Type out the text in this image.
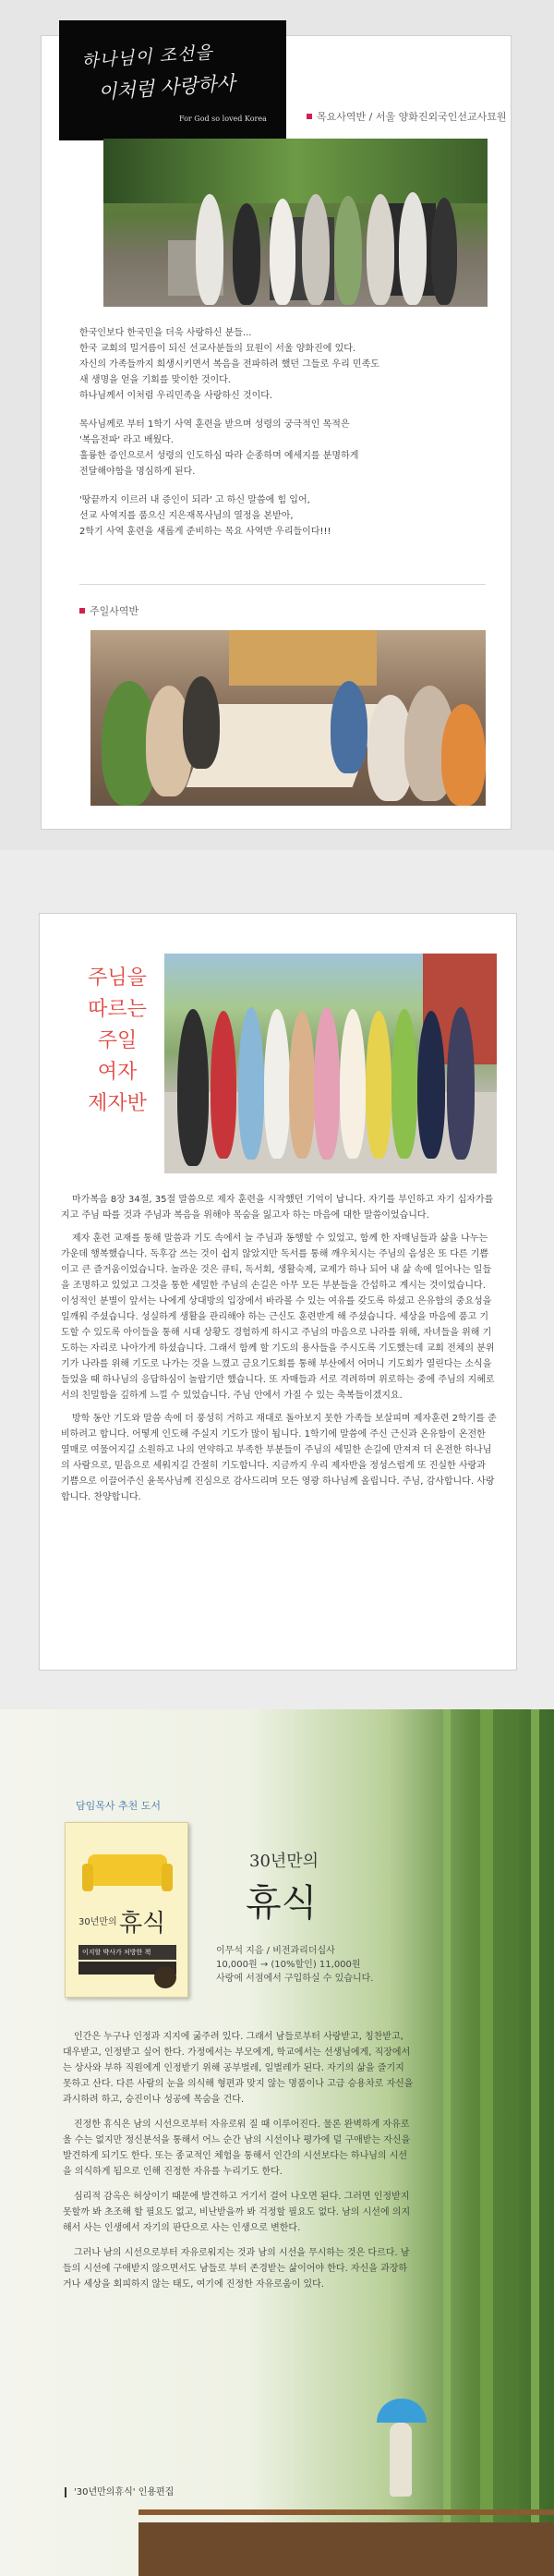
하나님이 조선을
이처럼 사랑하사
For God so loved Korea	목요사역반 / 서울 양화진외국인선교사묘원

한국인보다 한국민을 더욱 사랑하신 분들...

한국 교회의 밀거름이 되신 선교사분들의 묘원이 서울 양화진에 있다.

자신의 가족들까지 희생시키면서 복음을 전파하려 했던 그들로 우리 민족도

새 생명을 얻을 기회를 맞이한 것이다.

하나님께서 이처럼 우리민족을 사랑하신 것이다.

목사님께로 부터 1학기 사역 훈련을 받으며 성령의 궁극적인 목적은

'복음전파' 라고 배웠다.

훌륭한 증인으로서 성령의 인도하심 따라 순종하며 예세지를 분명하게

전달해야함을 명심하게 된다.

'땅끝까지 이르러 내 증인이 되라' 고 하신 말씀에 힘 입어,

선교 사역지를 품으신 지은재목사님의 열정을 본받아,

2학기 사역 훈련을 새롭게 준비하는 목요 사역반 우리들이다!!!

주일사역반
주님을
따르는
주일
여자
제자반

마가복음 8장 34절, 35절 말씀으로 제자 훈련을 시작했던 기억이 납니다. 자기를 부인하고 자기 십자가를 지고 주님 따를 것과 주님과 복음을 위해야 목숨을 잃고자 하는 마음에 대한 말씀이었습니다.

제자 훈련 교재를 통해 말씀과 기도 속에서 늘 주님과 동행할 수 있었고, 함께 한 자매님들과 삶을 나누는 가운데 행복했습니다. 독후감 쓰는 것이 쉽지 않았지만 독서를 통해 깨우치시는 주님의 음성은 또 다른 기쁨이고 큰 즐거움이었습니다. 놀라운 것은 큐티, 독서회, 생활숙제, 교제가 하나 되어 내 삶 속에 일어나는 일들을 조명하고 있었고 그것을 통한 세밀한 주님의 손길은 아무 모든 부분들을 간섭하고 계시는 것이었습니다. 이성적인 분별이 앞서는 나에게 상대방의 입장에서 바라볼 수 있는 여유를 갖도록 하셨고 은유함의 중요성을 일깨워 주셨습니다. 성실하게 생활을 관리해야 하는 근신도 훈련반게 해 주셨습니다. 세상을 마음에 품고 기도할 수 있도록 아이들을 통해 시대 상황도 경험하게 하시고 주님의 마음으로 나라를 위해, 자녀들을 위해 기도하는 자리로 나아가게 하셨습니다. 그래서 함께 할 기도의 용사들을 주시도록 기도했는데 교회 전체의 분위기가 나라를 위해 기도로 나가는 것을 느꼈고 금요기도회를 통해 부산에서 어머니 기도회가 열린다는 소식을 들었을 때 하나님의 응답하심이 놀랍기만 했습니다. 또 자매들과 서로 격려하며 위로하는 중에 주님의 지혜로서의 친밀함을 깊하게 느낄 수 있었습니다. 주님 안에서 가질 수 있는 축복들이겠지요.

방학 동안 기도와 말씀 속에 더 풍성히 거하고 재대로 돌아보지 못한 가족들 보살피며 제자훈련 2학기를 준비하려고 합니다. 어떻게 인도해 주실지 기도가 많이 됩니다. 1학기에 말씀에 주신 근신과 온유함이 온전한 열매로 여물어지길 소원하고 나의 연약하고 부족한 부분들이 주님의 세밀한 손길에 만져져 더 온전한 하나님의 사람으로, 믿음으로 세워지길 간절히 기도합니다. 지금까지 우리 제자반을 정성스럽게 또 진실한 사랑과 기쁨으로 이끌어주신 윤목사님께 진심으로 감사드리며 모든 영광 하나님께 올립니다. 주님, 감사합니다. 사랑합니다. 찬양합니다.

담임목사 추천 도서
30년만의 휴식
이지할 박사가 처방한 책
30년만의
휴식
이무석 지음 / 비전과리더십사
10,000원 → (10%할인) 11,000원
사랑에 서점에서 구입하실 수 있습니다.

인간은 누구나 인정과 지지에 굶주려 있다. 그래서 남들로부터 사랑받고, 칭찬받고, 대우받고, 인정받고 싶어 한다. 가정에서는 부모에게, 학교에서는 선생님에게, 직장에서는 상사와 부하 직원에게 인정받기 위해 공부벌레, 일벌레가 된다. 자기의 삶을 즐기지 못하고 산다. 다른 사람의 눈을 의식해 형편과 맞지 않는 명품이나 고급 승용차로 자신을 과시하려 하고, 승진이나 성공에 목숨을 건다.

진정한 휴식은 남의 시선으로부터 자유로워 질 때 이루어진다. 물론 완벽하게 자유로울 수는 없지만 정신분석을 통해서 어느 순간 남의 시선이나 평가에 덜 구애받는 자신을 발견하게 되기도 한다. 또는 종교적인 체험을 통해서 인간의 시선보다는 하나님의 시선을 의식하게 됨으로 인해 진정한 자유를 누리기도 한다.

심리적 감옥은 허상이기 때문에 발견하고 거기서 걸어 나오면 된다. 그러면 인정받지 못할까 봐 초조해 할 필요도 없고, 비난받을까 봐 걱정할 필요도 없다. 남의 시선에 의지해서 사는 인생에서 자기의 판단으로 사는 인생으로 변한다.

그러나 남의 시선으로부터 자유로워지는 것과 남의 시선을 무시하는 것은 다르다. 남들의 시선에 구애받지 않으면서도 남들로 부터 존경받는 삶이어야 한다. 자신을 과장하거나 세상을 회피하지 않는 태도, 여기에 진정한 자유로움이 있다.

'30년만의휴식' 인용편집
